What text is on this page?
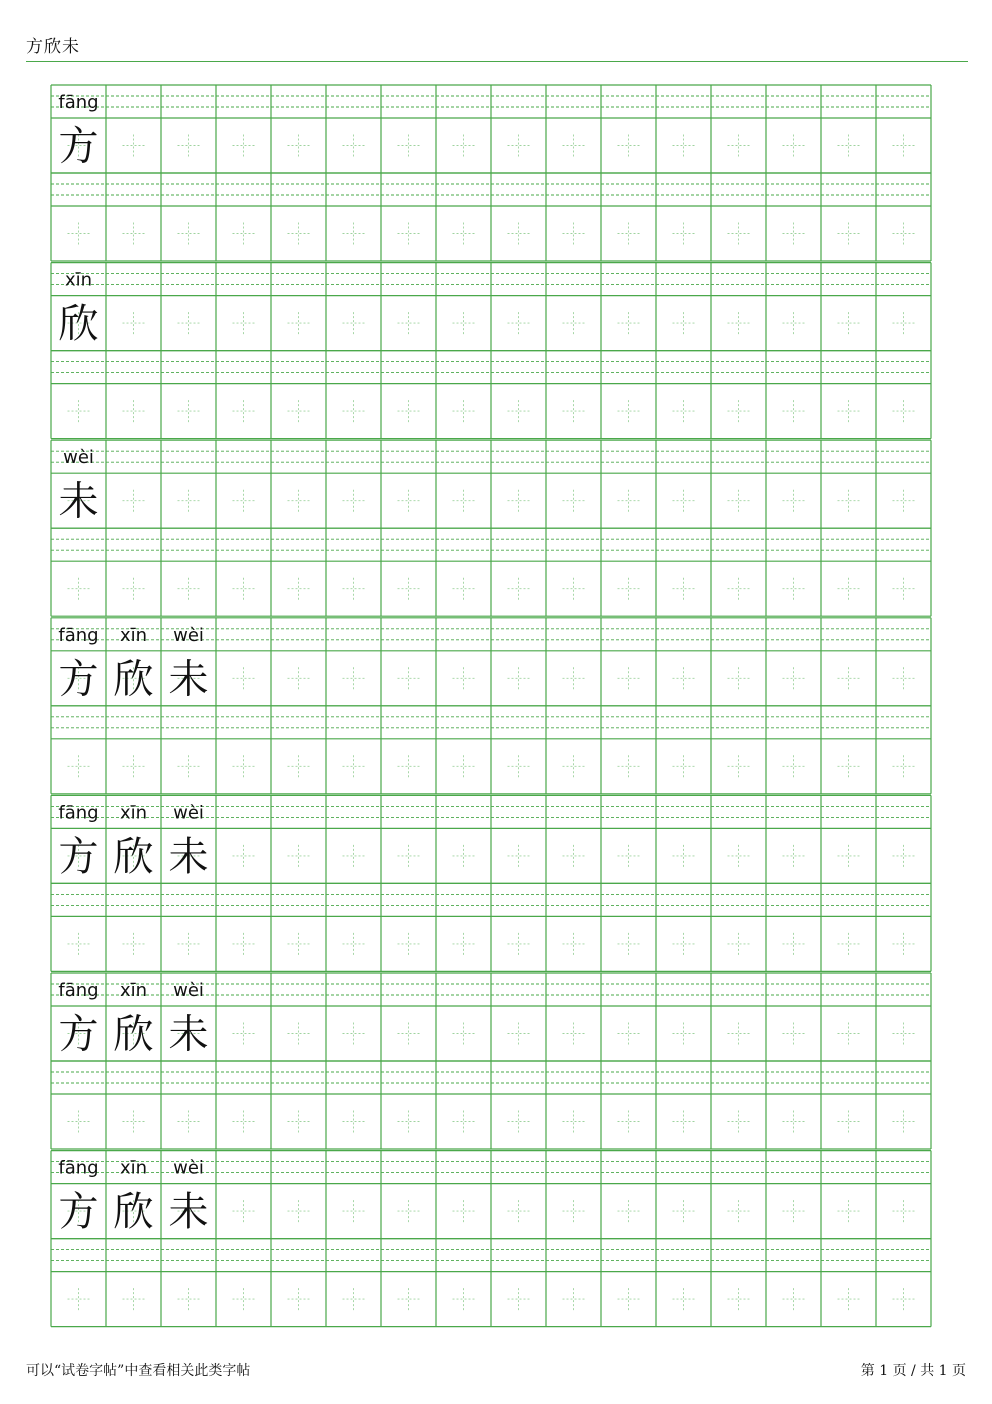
方欣未
fāng
方
xīn
欣
wèi
未
fāng
方
xīn
欣
wèi
未
fāng
方
xīn
欣
wèi
未
fāng
方
xīn
欣
wèi
未
fāng
方
xīn
欣
wèi
未
可以“试卷字帖”中查看相关此类字帖	第 1 页 / 共 1 页
